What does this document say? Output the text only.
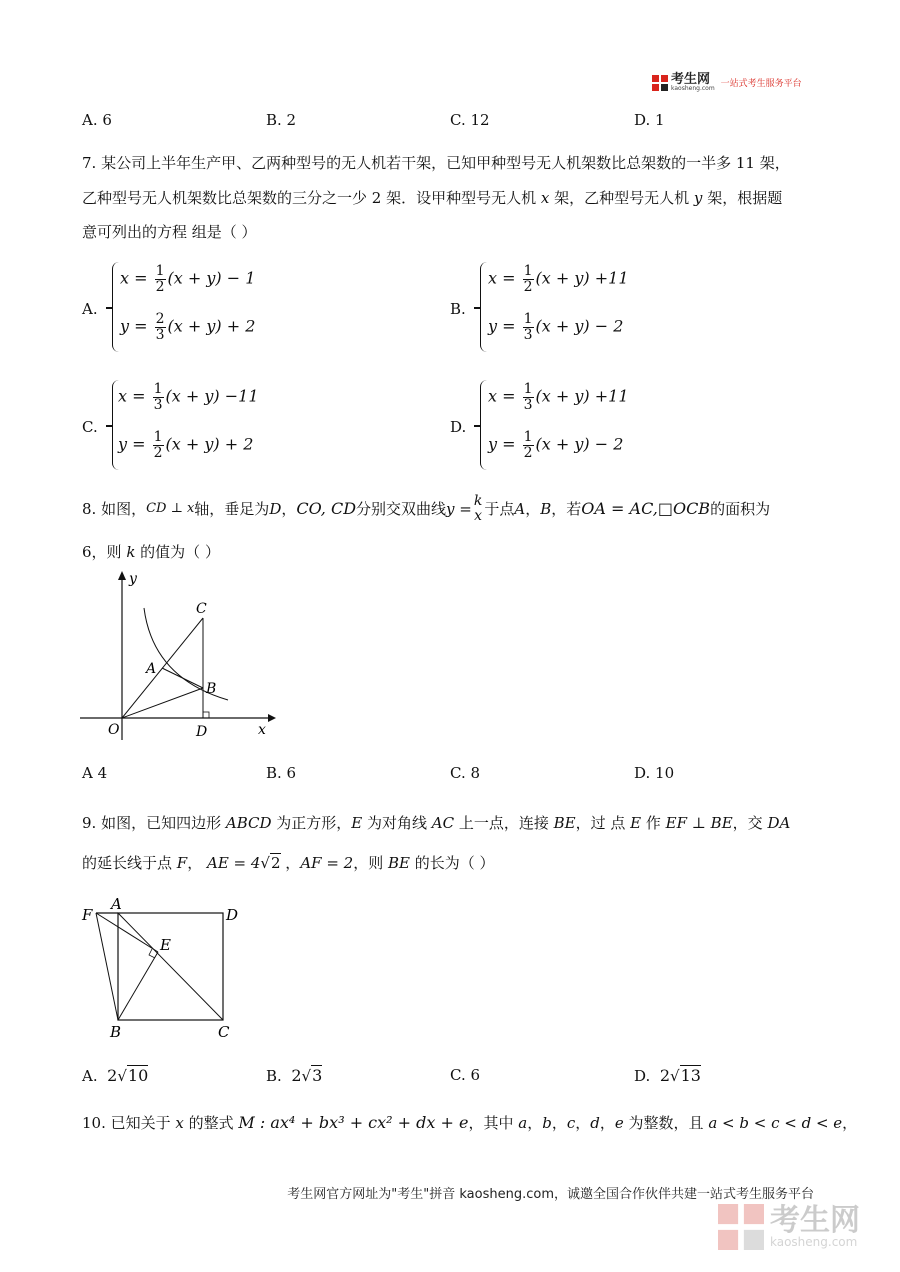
考生网
kaosheng.com 一站式考生服务平台
A. 6	B. 2	C. 12	D. 1
7. 某公司上半年生产甲、乙两种型号的无人机若干架，已知甲种型号无人机架数比总架数的一半多 11 架，
乙种型号无人机架数比总架数的三分之一少 2 架．设甲种型号无人机 x 架，乙种型号无人机 y 架，根据题
意可列出的方程 组是（ ）
A.
$x = \frac{1}{2} (x + y) - 1$
$y = \frac{2}{3} (x + y) + 2$
B.
$x = \frac{1}{2} (x + y) +11$
$y = \frac{1}{3} (x + y) - 2$
C.
$x = \frac{1}{3} (x + y) -11$
$y = \frac{1}{2} (x + y) + 2$
D.
$x = \frac{1}{3} (x + y) +11$
$y = \frac{1}{2} (x + y) - 2$
8. 如图， CD ⊥ x 轴，垂足为 D ， CO, CD 分别交双曲线 y = k
x 于点 A ， B ，若 OA = AC,□OCB 的面积为
6，则 k 的值为（ ）
y
x
C
A
B
O	D
A 4	B. 6	C. 8	D. 10
9. 如图，已知四边形 ABCD 为正方形，E 为对角线 AC 上一点，连接 BE，过 点 E 作 EF ⊥ BE，交 DA
的延长线于点 F， AE = 4√2 ，AF = 2，则 BE 的长为（ ）
F
A
D
E
B	C
A. 2√10	B. 2√3	C. 6	D. 2√13
10. 已知关于 x 的整式 M : ax⁴ + bx³ + cx² + dx + e，其中 a，b，c，d，e 为整数，且 a < b < c < d < e，
考生网官方网址为"考生"拼音 kaosheng.com，诚邀全国合作伙伴共建一站式考生服务平台
考生网
kaosheng.com
